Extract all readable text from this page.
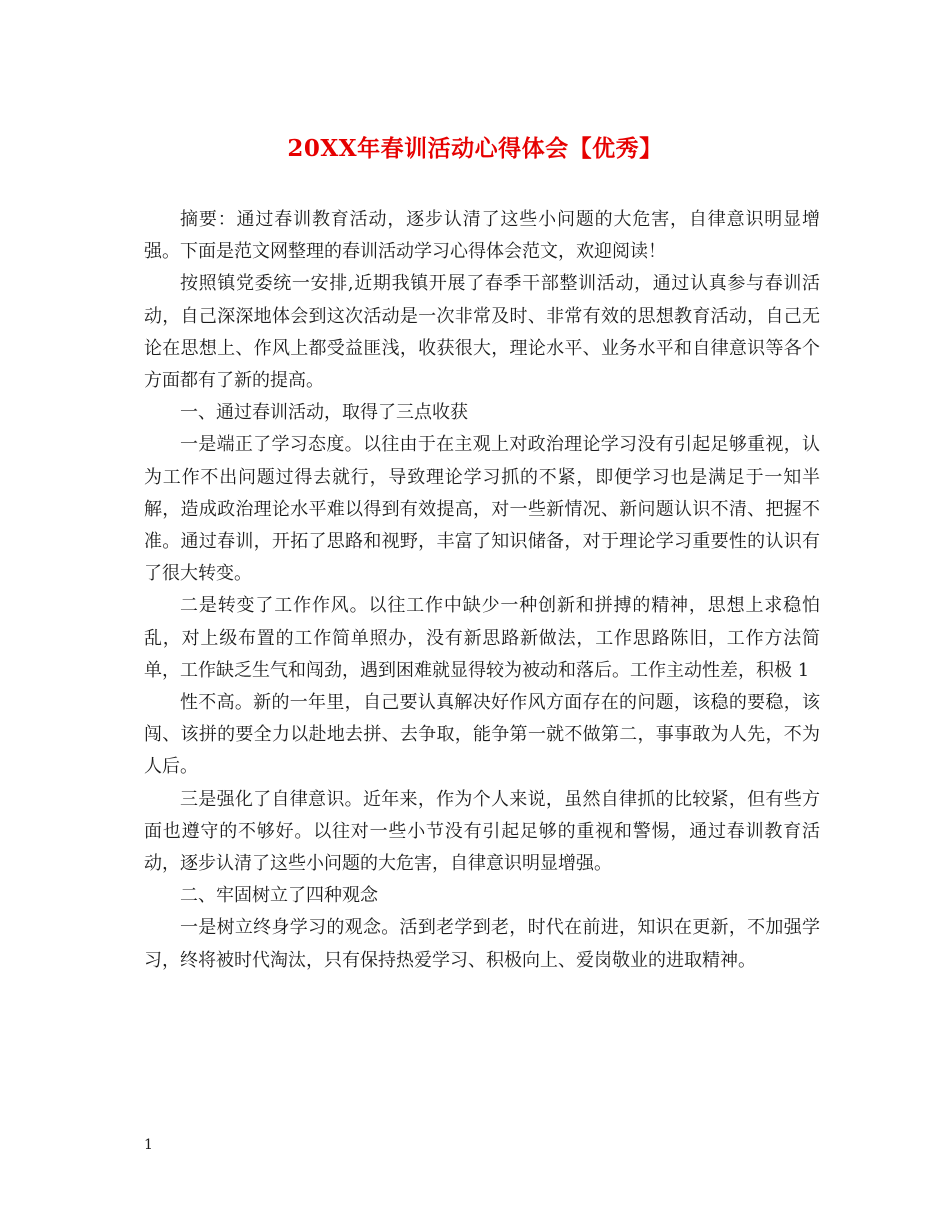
20XX年春训活动心得体会【优秀】

摘要：通过春训教育活动，逐步认清了这些小问题的大危害，自律意识明显增强。下面是范文网整理的春训活动学习心得体会范文，欢迎阅读！

按照镇党委统一安排,近期我镇开展了春季干部整训活动，通过认真参与春训活动，自己深深地体会到这次活动是一次非常及时、非常有效的思想教育活动，自己无论在思想上、作风上都受益匪浅，收获很大，理论水平、业务水平和自律意识等各个方面都有了新的提高。

一、通过春训活动，取得了三点收获

一是端正了学习态度。以往由于在主观上对政治理论学习没有引起足够重视，认为工作不出问题过得去就行，导致理论学习抓的不紧，即便学习也是满足于一知半解，造成政治理论水平难以得到有效提高，对一些新情况、新问题认识不清、把握不准。通过春训，开拓了思路和视野，丰富了知识储备，对于理论学习重要性的认识有了很大转变。

二是转变了工作作风。以往工作中缺少一种创新和拼搏的精神，思想上求稳怕乱，对上级布置的工作简单照办，没有新思路新做法，工作思路陈旧，工作方法简单，工作缺乏生气和闯劲，遇到困难就显得较为被动和落后。工作主动性差，积极 1

性不高。新的一年里，自己要认真解决好作风方面存在的问题，该稳的要稳，该闯、该拼的要全力以赴地去拼、去争取，能争第一就不做第二，事事敢为人先，不为人后。

三是强化了自律意识。近年来，作为个人来说，虽然自律抓的比较紧，但有些方面也遵守的不够好。以往对一些小节没有引起足够的重视和警惕，通过春训教育活动，逐步认清了这些小问题的大危害，自律意识明显增强。

二、牢固树立了四种观念

一是树立终身学习的观念。活到老学到老，时代在前进，知识在更新，不加强学习，终将被时代淘汰，只有保持热爱学习、积极向上、爱岗敬业的进取精神。

1
